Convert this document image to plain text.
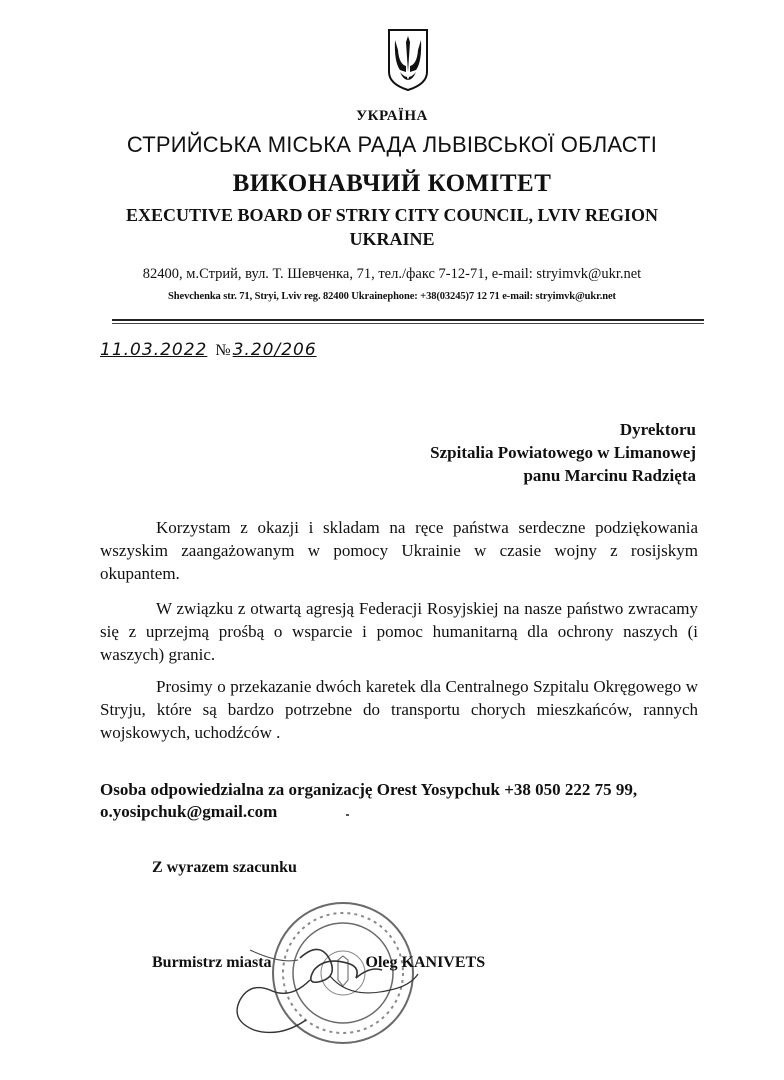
УКРАЇНА
СТРИЙСЬКА МІСЬКА РАДА ЛЬВІВСЬКОЇ ОБЛАСТІ
ВИКОНАВЧИЙ КОМІТЕТ
EXECUTIVE BOARD OF STRIY CITY COUNCIL, LVIV REGION
UKRAINE
82400, м.Стрий, вул. Т. Шевченка, 71, тел./факс 7-12-71, e-mail: stryimvk@ukr.net
Shevchenka str. 71, Stryi, Lviv reg. 82400 Ukrainephone: +38(03245)7 12 71 e-mail: stryimvk@ukr.net
11.03.2022 № 3.20/206
Dyrektoru
Szpitalia Powiatowego w Limanowej
panu Marcinu Radzięta
Korzystam z okazji i skladam na ręce państwa serdeczne podziękowania wszyskim zaangażowanym w pomocy Ukrainie w czasie wojny z rosijskym okupantem.
W związku z otwartą agresją Federacji Rosyjskiej na nasze państwo zwracamy się z uprzejmą prośbą o wsparcie i pomoc humanitarną dla ochrony naszych (i waszych) granic.
Prosimy o przekazanie dwóch karetek dla Centralnego Szpitalu Okręgowego w Stryju, które są bardzo potrzebne do transportu chorych mieszkańców, rannych wojskowych, uchodźców .
Osoba odpowiedzialna za organizację Orest Yosypchuk +38 050 222 75 99,
o.yosipchuk@gmail.com
Z wyrazem szacunku
Burmistrz miasta	Oleg KANIVETS
